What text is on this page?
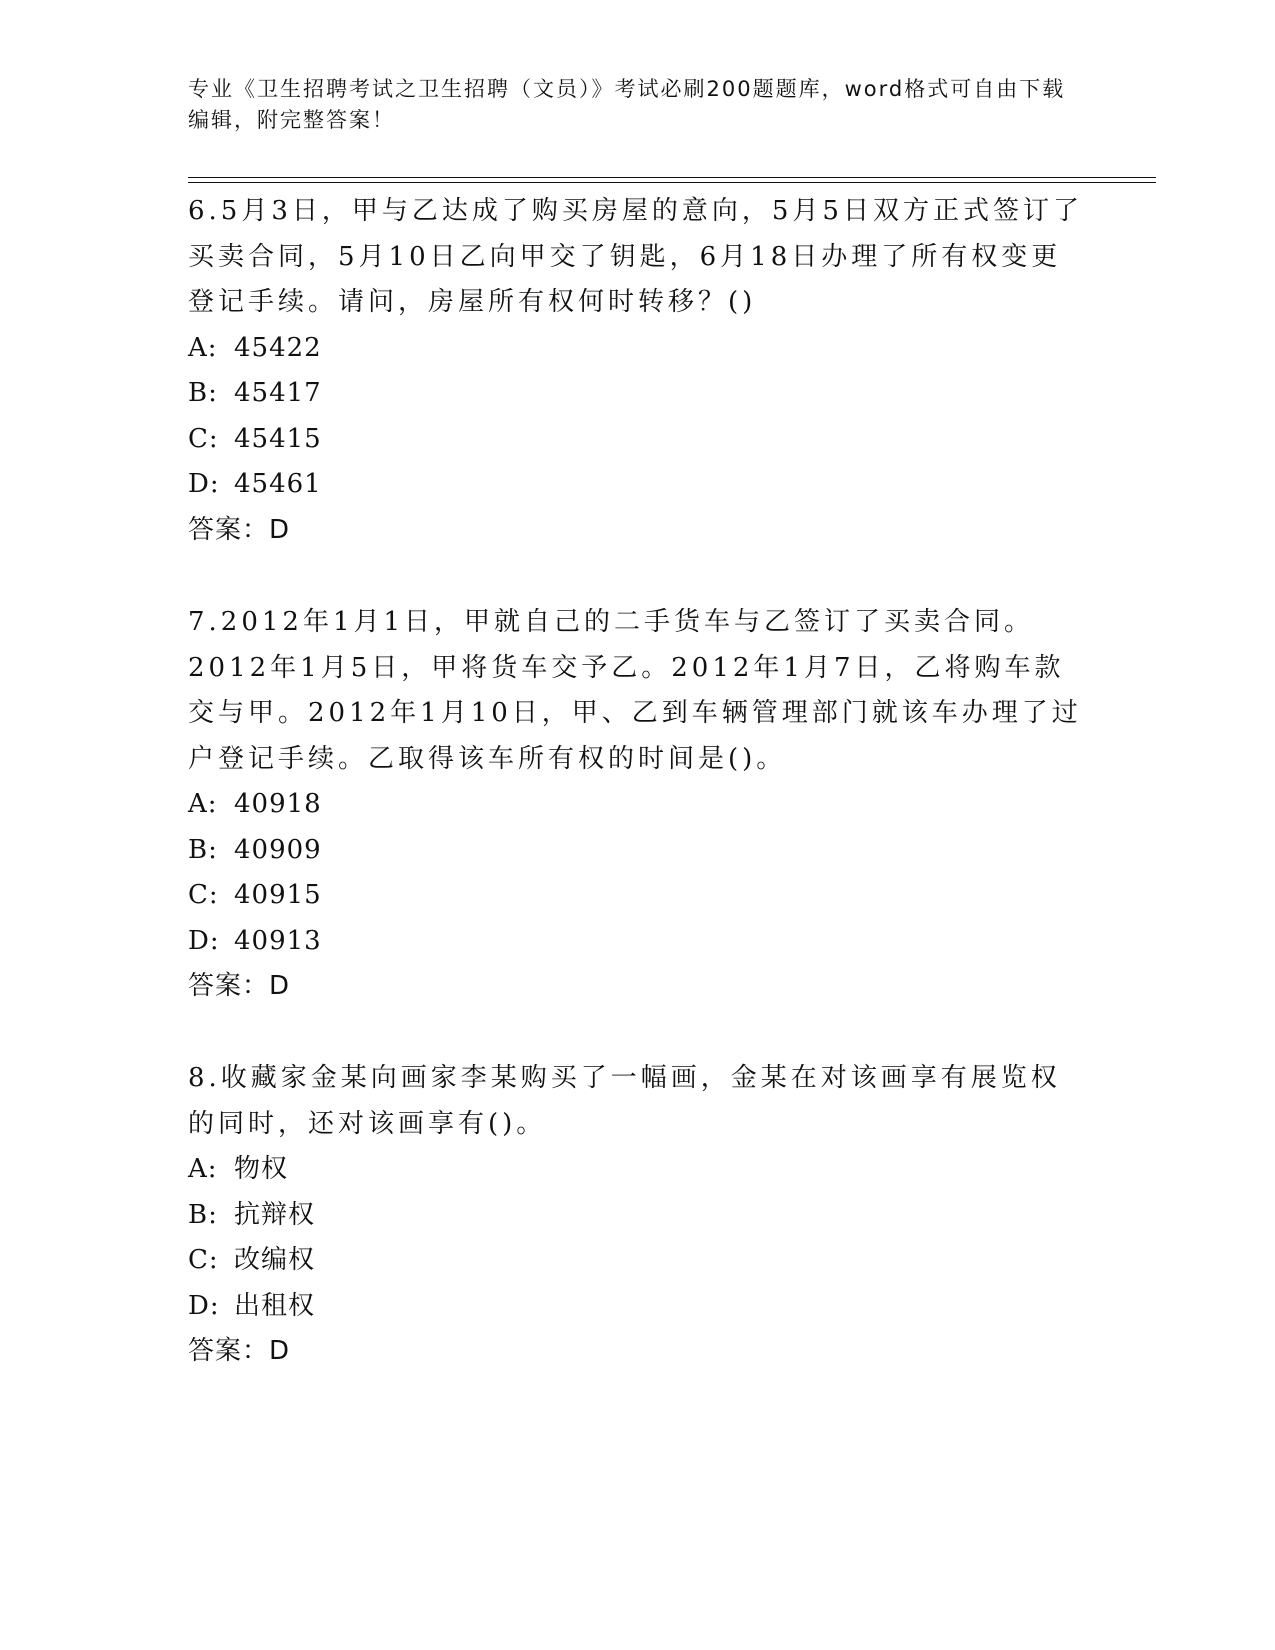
专业《卫生招聘考试之卫生招聘（文员）》考试必刷200题题库，word格式可自由下载编辑，附完整答案！

6.5月3日，甲与乙达成了购买房屋的意向，5月5日双方正式签订了买卖合同，5月10日乙向甲交了钥匙，6月18日办理了所有权变更登记手续。请问，房屋所有权何时转移？()

A: 45422

B: 45417

C: 45415

D: 45461

答案：D

7.2012年1月1日，甲就自己的二手货车与乙签订了买卖合同。2012年1月5日，甲将货车交予乙。2012年1月7日，乙将购车款交与甲。2012年1月10日，甲、乙到车辆管理部门就该车办理了过户登记手续。乙取得该车所有权的时间是()。

A: 40918

B: 40909

C: 40915

D: 40913

答案：D

8.收藏家金某向画家李某购买了一幅画，金某在对该画享有展览权的同时，还对该画享有()。

A: 物权

B: 抗辩权

C: 改编权

D: 出租权

答案：D
